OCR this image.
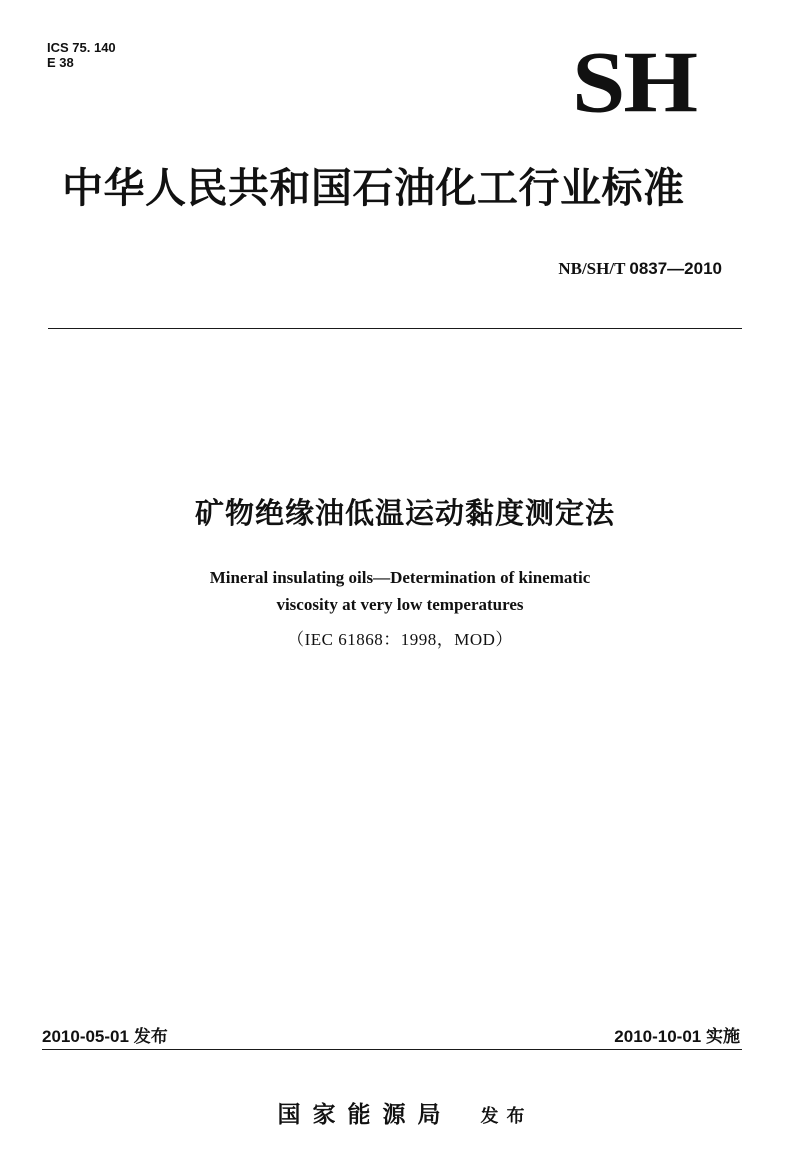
ICS 75. 140
E 38	SH
中华人民共和国石油化工行业标准
NB/SH/T 0837—2010
矿物绝缘油低温运动黏度测定法
Mineral insulating oils—Determination of kinematic
viscosity at very low temperatures
（IEC 61868：1998，MOD）
2010-05-01 发布	2010-10-01 实施
国家能源局 发布
